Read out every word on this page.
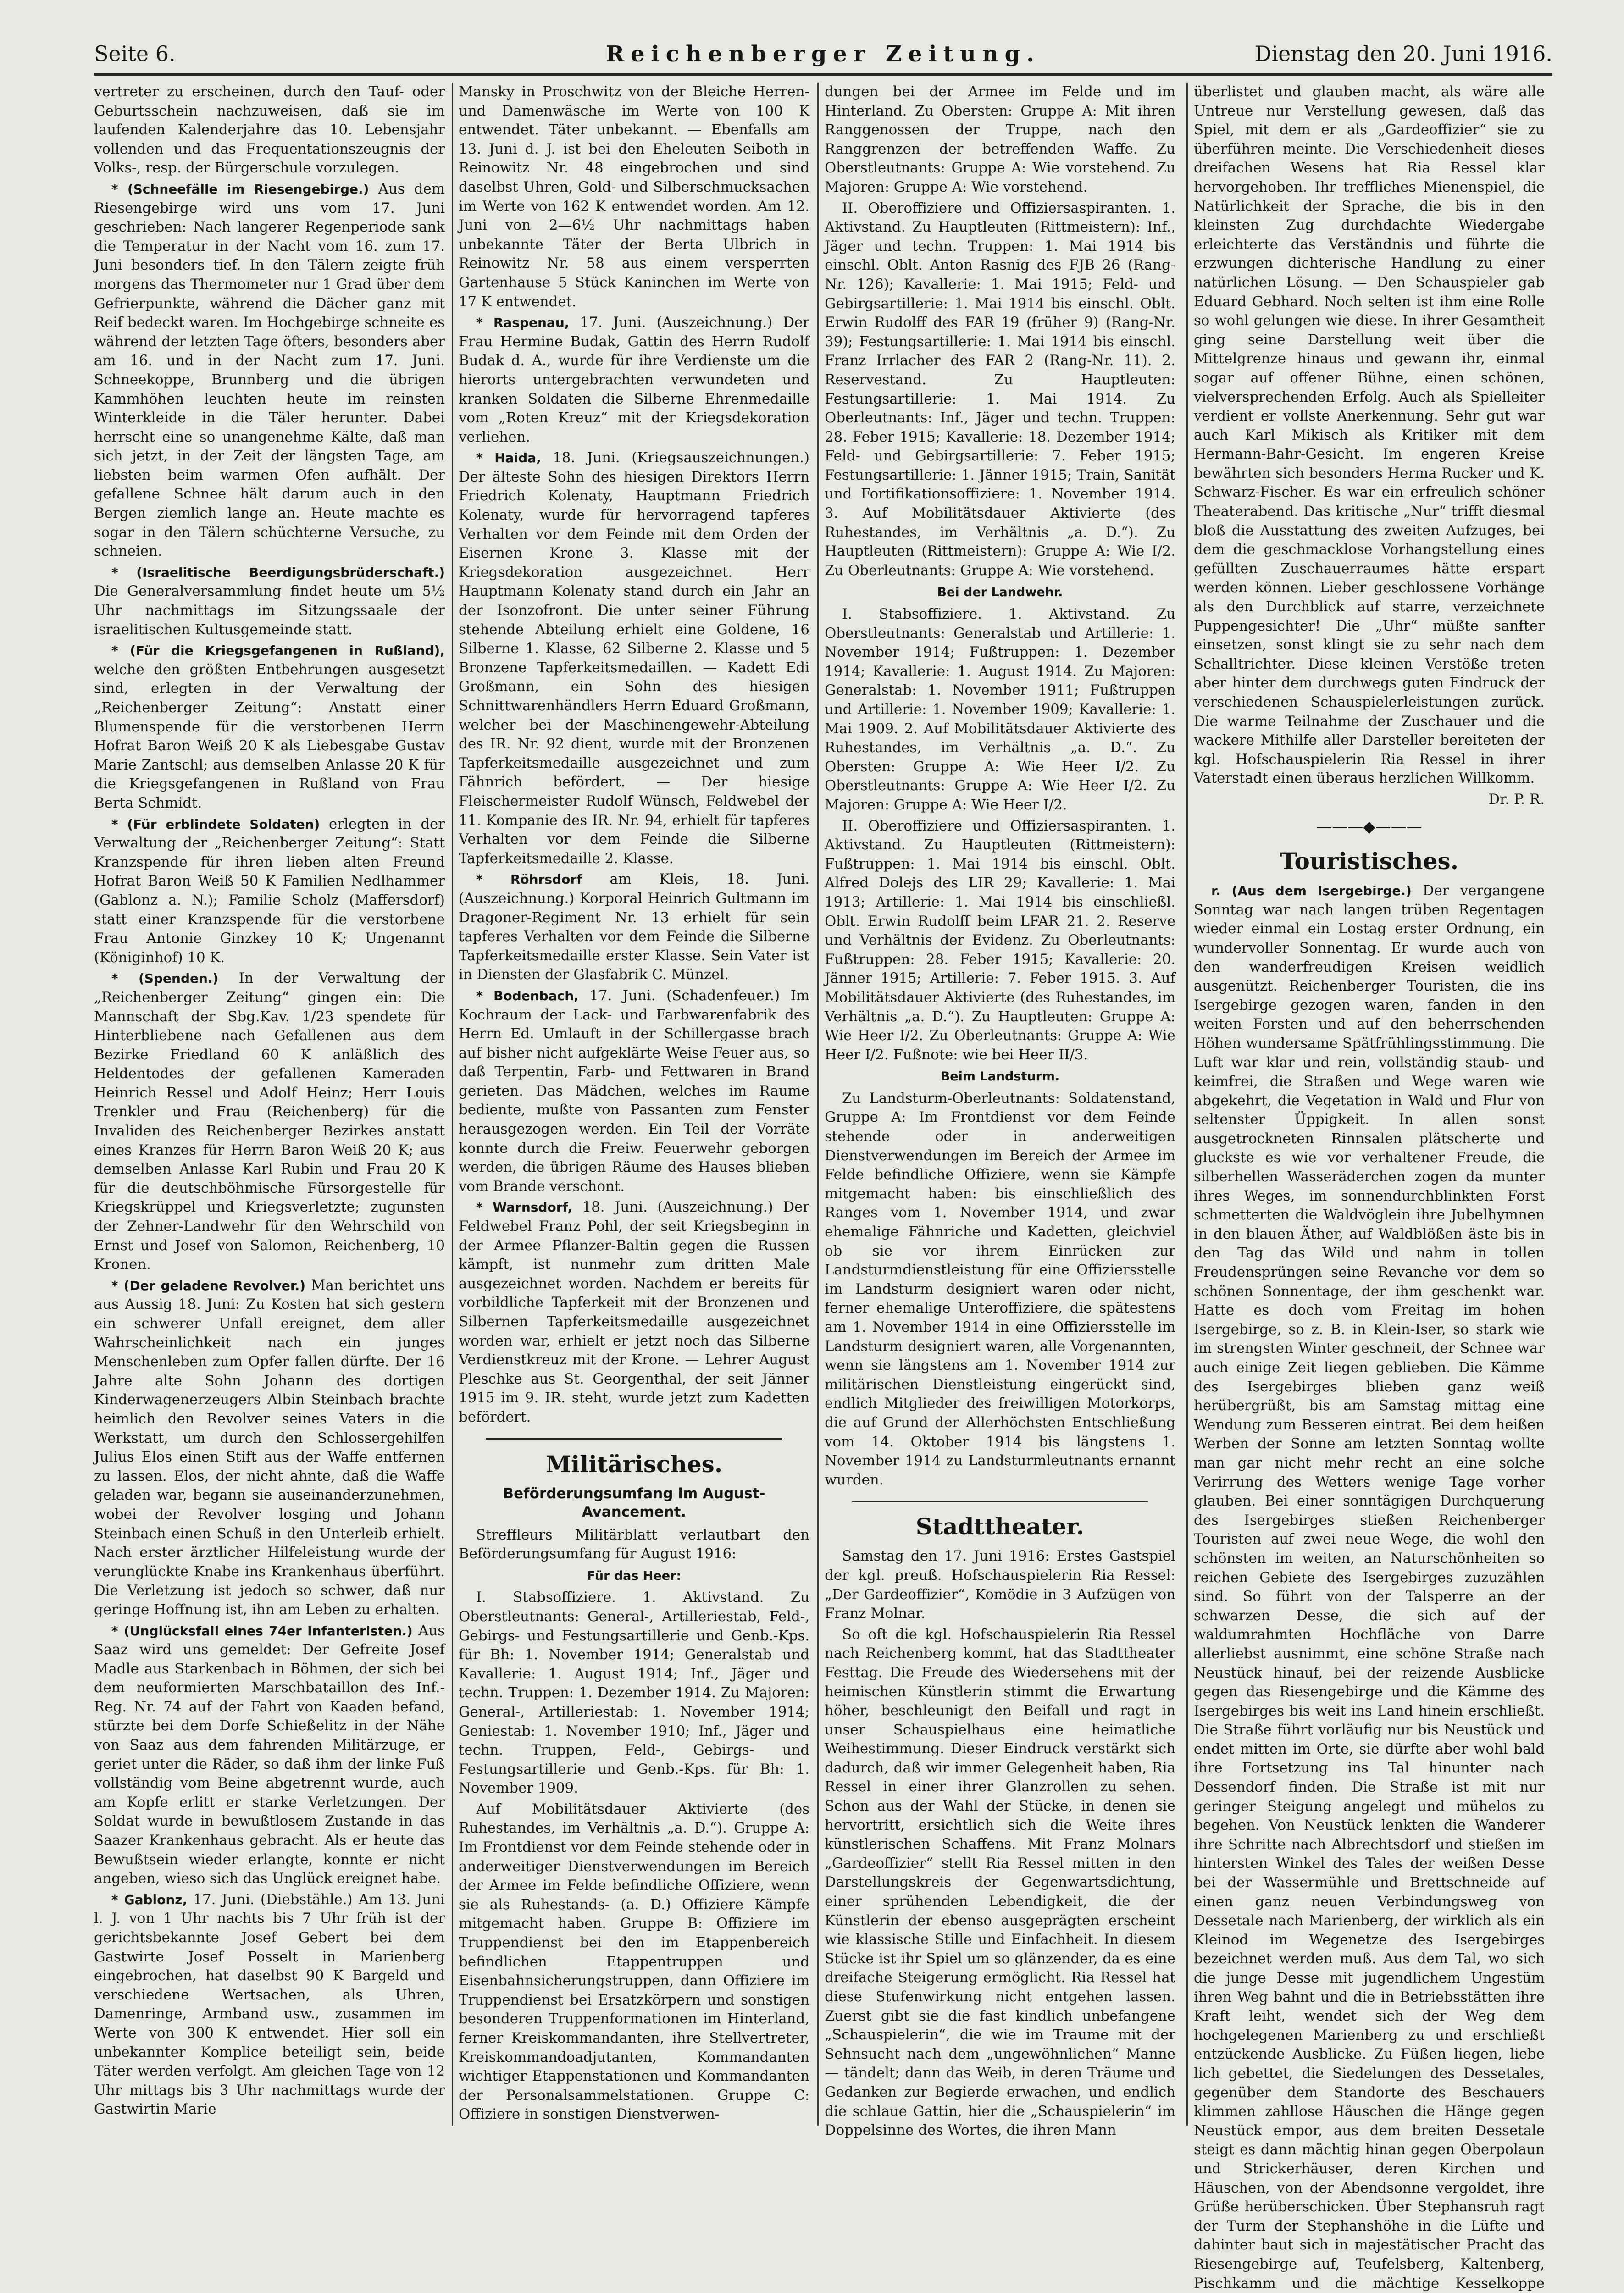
Seite 6.	Reichenberger Zeitung.	Dienstag den 20. Juni 1916.

vertreter zu erscheinen, durch den Tauf- oder Geburtsschein nachzuweisen, daß sie im laufenden Kalenderjahre das 10. Lebensjahr vollenden und das Frequentationszeugnis der Volks-, resp. der Bürgerschule vorzulegen.

* (Schneefälle im Riesengebirge.) Aus dem Riesengebirge wird uns vom 17. Juni geschrieben: Nach langerer Regenperiode sank die Temperatur in der Nacht vom 16. zum 17. Juni besonders tief. In den Tälern zeigte früh morgens das Thermometer nur 1 Grad über dem Gefrierpunkte, während die Dächer ganz mit Reif bedeckt waren. Im Hochgebirge schneite es während der letzten Tage öfters, besonders aber am 16. und in der Nacht zum 17. Juni. Schneekoppe, Brunnberg und die übrigen Kammhöhen leuchten heute im reinsten Winterkleide in die Täler herunter. Dabei herrscht eine so unangenehme Kälte, daß man sich jetzt, in der Zeit der längsten Tage, am liebsten beim warmen Ofen aufhält. Der gefallene Schnee hält darum auch in den Bergen ziemlich lange an. Heute machte es sogar in den Tälern schüchterne Versuche, zu schneien.

* (Israelitische Beerdigungsbrüderschaft.) Die Generalversammlung findet heute um 5½ Uhr nachmittags im Sitzungssaale der israelitischen Kultusgemeinde statt.

* (Für die Kriegsgefangenen in Rußland), welche den größten Entbehrungen ausgesetzt sind, erlegten in der Verwaltung der „Reichenberger Zeitung“: Anstatt einer Blumenspende für die verstorbenen Herrn Hofrat Baron Weiß 20 K als Liebesgabe Gustav Marie Zantschl; aus demselben Anlasse 20 K für die Kriegsgefangenen in Rußland von Frau Berta Schmidt.

* (Für erblindete Soldaten) erlegten in der Verwaltung der „Reichenberger Zeitung“: Statt Kranzspende für ihren lieben alten Freund Hofrat Baron Weiß 50 K Familien Nedlhammer (Gablonz a. N.); Familie Scholz (Maffersdorf) statt einer Kranzspende für die verstorbene Frau Antonie Ginzkey 10 K; Ungenannt (Königinhof) 10 K.

* (Spenden.) In der Verwaltung der „Reichenberger Zeitung“ gingen ein: Die Mannschaft der Sbg.Kav. 1/23 spendete für Hinterbliebene nach Gefallenen aus dem Bezirke Friedland 60 K anläßlich des Heldentodes der gefallenen Kameraden Heinrich Ressel und Adolf Heinz; Herr Louis Trenkler und Frau (Reichenberg) für die Invaliden des Reichenberger Bezirkes anstatt eines Kranzes für Herrn Baron Weiß 20 K; aus demselben Anlasse Karl Rubin und Frau 20 K für die deutschböhmische Fürsorgestelle für Kriegskrüppel und Kriegsverletzte; zugunsten der Zehner-Landwehr für den Wehrschild von Ernst und Josef von Salomon, Reichenberg, 10 Kronen.

* (Der geladene Revolver.) Man berichtet uns aus Aussig 18. Juni: Zu Kosten hat sich gestern ein schwerer Unfall ereignet, dem aller Wahrscheinlichkeit nach ein junges Menschenleben zum Opfer fallen dürfte. Der 16 Jahre alte Sohn Johann des dortigen Kinderwagenerzeugers Albin Steinbach brachte heimlich den Revolver seines Vaters in die Werkstatt, um durch den Schlossergehilfen Julius Elos einen Stift aus der Waffe entfernen zu lassen. Elos, der nicht ahnte, daß die Waffe geladen war, begann sie auseinanderzunehmen, wobei der Revolver losging und Johann Steinbach einen Schuß in den Unterleib erhielt. Nach erster ärztlicher Hilfeleistung wurde der verunglückte Knabe ins Krankenhaus überführt. Die Verletzung ist jedoch so schwer, daß nur geringe Hoffnung ist, ihn am Leben zu erhalten.

* (Unglücksfall eines 74er Infanteristen.) Aus Saaz wird uns gemeldet: Der Gefreite Josef Madle aus Starkenbach in Böhmen, der sich bei dem neuformierten Marschbataillon des Inf.-Reg. Nr. 74 auf der Fahrt von Kaaden befand, stürzte bei dem Dorfe Schießelitz in der Nähe von Saaz aus dem fahrenden Militärzuge, er geriet unter die Räder, so daß ihm der linke Fuß vollständig vom Beine abgetrennt wurde, auch am Kopfe erlitt er starke Verletzungen. Der Soldat wurde in bewußtlosem Zustande in das Saazer Krankenhaus gebracht. Als er heute das Bewußtsein wieder erlangte, konnte er nicht angeben, wieso sich das Unglück ereignet habe.

* Gablonz, 17. Juni. (Diebstähle.) Am 13. Juni l. J. von 1 Uhr nachts bis 7 Uhr früh ist der gerichtsbekannte Josef Gebert bei dem Gastwirte Josef Posselt in Marienberg eingebrochen, hat daselbst 90 K Bargeld und verschiedene Wertsachen, als Uhren, Damenringe, Armband usw., zusammen im Werte von 300 K entwendet. Hier soll ein unbekannter Komplice beteiligt sein, beide Täter werden verfolgt. Am gleichen Tage von 12 Uhr mittags bis 3 Uhr nachmittags wurde der Gastwirtin Marie

Mansky in Proschwitz von der Bleiche Herren- und Damenwäsche im Werte von 100 K entwendet. Täter unbekannt. — Ebenfalls am 13. Juni d. J. ist bei den Eheleuten Seiboth in Reinowitz Nr. 48 eingebrochen und sind daselbst Uhren, Gold- und Silberschmucksachen im Werte von 162 K entwendet worden. Am 12. Juni von 2—6½ Uhr nachmittags haben unbekannte Täter der Berta Ulbrich in Reinowitz Nr. 58 aus einem versperrten Gartenhause 5 Stück Kaninchen im Werte von 17 K entwendet.

* Raspenau, 17. Juni. (Auszeichnung.) Der Frau Hermine Budak, Gattin des Herrn Rudolf Budak d. A., wurde für ihre Verdienste um die hierorts untergebrachten verwundeten und kranken Soldaten die Silberne Ehrenmedaille vom „Roten Kreuz“ mit der Kriegsdekoration verliehen.

* Haida, 18. Juni. (Kriegsauszeichnungen.) Der älteste Sohn des hiesigen Direktors Herrn Friedrich Kolenaty, Hauptmann Friedrich Kolenaty, wurde für hervorragend tapferes Verhalten vor dem Feinde mit dem Orden der Eisernen Krone 3. Klasse mit der Kriegsdekoration ausgezeichnet. Herr Hauptmann Kolenaty stand durch ein Jahr an der Isonzofront. Die unter seiner Führung stehende Abteilung erhielt eine Goldene, 16 Silberne 1. Klasse, 62 Silberne 2. Klasse und 5 Bronzene Tapferkeitsmedaillen. — Kadett Edi Großmann, ein Sohn des hiesigen Schnittwarenhändlers Herrn Eduard Großmann, welcher bei der Maschinengewehr-Abteilung des IR. Nr. 92 dient, wurde mit der Bronzenen Tapferkeitsmedaille ausgezeichnet und zum Fähnrich befördert. — Der hiesige Fleischermeister Rudolf Wünsch, Feldwebel der 11. Kompanie des IR. Nr. 94, erhielt für tapferes Verhalten vor dem Feinde die Silberne Tapferkeitsmedaille 2. Klasse.

* Röhrsdorf am Kleis, 18. Juni. (Auszeichnung.) Korporal Heinrich Gultmann im Dragoner-Regiment Nr. 13 erhielt für sein tapferes Verhalten vor dem Feinde die Silberne Tapferkeitsmedaille erster Klasse. Sein Vater ist in Diensten der Glasfabrik C. Münzel.

* Bodenbach, 17. Juni. (Schadenfeuer.) Im Kochraum der Lack- und Farbwarenfabrik des Herrn Ed. Umlauft in der Schillergasse brach auf bisher nicht aufgeklärte Weise Feuer aus, so daß Terpentin, Farb- und Fettwaren in Brand gerieten. Das Mädchen, welches im Raume bediente, mußte von Passanten zum Fenster herausgezogen werden. Ein Teil der Vorräte konnte durch die Freiw. Feuerwehr geborgen werden, die übrigen Räume des Hauses blieben vom Brande verschont.

* Warnsdorf, 18. Juni. (Auszeichnung.) Der Feldwebel Franz Pohl, der seit Kriegsbeginn in der Armee Pflanzer-Baltin gegen die Russen kämpft, ist nunmehr zum dritten Male ausgezeichnet worden. Nachdem er bereits für vorbildliche Tapferkeit mit der Bronzenen und Silbernen Tapferkeitsmedaille ausgezeichnet worden war, erhielt er jetzt noch das Silberne Verdienstkreuz mit der Krone. — Lehrer August Pleschke aus St. Georgenthal, der seit Jänner 1915 im 9. IR. steht, wurde jetzt zum Kadetten befördert.

Militärisches.
Beförderungsumfang im August-Avancement.

Streffleurs Militärblatt verlautbart den Beförderungsumfang für August 1916:

Für das Heer:

I. Stabsoffiziere. 1. Aktivstand. Zu Oberstleutnants: General-, Artilleriestab, Feld-, Gebirgs- und Festungsartillerie und Genb.-Kps. für Bh: 1. November 1914; Generalstab und Kavallerie: 1. August 1914; Inf., Jäger und techn. Truppen: 1. Dezember 1914. Zu Majoren: General-, Artilleriestab: 1. November 1914; Geniestab: 1. November 1910; Inf., Jäger und techn. Truppen, Feld-, Gebirgs- und Festungsartillerie und Genb.-Kps. für Bh: 1. November 1909.

Auf Mobilitätsdauer Aktivierte (des Ruhestandes, im Verhältnis „a. D.“). Gruppe A: Im Frontdienst vor dem Feinde stehende oder in anderweitiger Dienstverwendungen im Bereich der Armee im Felde befindliche Offiziere, wenn sie als Ruhestands- (a. D.) Offiziere Kämpfe mitgemacht haben. Gruppe B: Offiziere im Truppendienst bei den im Etappenbereich befindlichen Etappentruppen und Eisenbahnsicherungstruppen, dann Offiziere im Truppendienst bei Ersatzkörpern und sonstigen besonderen Truppenformationen im Hinterland, ferner Kreiskommandanten, ihre Stellvertreter, Kreiskommandoadjutanten, Kommandanten wichtiger Etappenstationen und Kommandanten der Personalsammelstationen. Gruppe C: Offiziere in sonstigen Dienstverwen-

dungen bei der Armee im Felde und im Hinterland. Zu Obersten: Gruppe A: Mit ihren Ranggenossen der Truppe, nach den Ranggrenzen der betreffenden Waffe. Zu Oberstleutnants: Gruppe A: Wie vorstehend. Zu Majoren: Gruppe A: Wie vorstehend.

II. Oberoffiziere und Offiziersaspiranten. 1. Aktivstand. Zu Hauptleuten (Rittmeistern): Inf., Jäger und techn. Truppen: 1. Mai 1914 bis einschl. Oblt. Anton Rasnig des FJB 26 (Rang-Nr. 126); Kavallerie: 1. Mai 1915; Feld- und Gebirgsartillerie: 1. Mai 1914 bis einschl. Oblt. Erwin Rudolff des FAR 19 (früher 9) (Rang-Nr. 39); Festungsartillerie: 1. Mai 1914 bis einschl. Franz Irrlacher des FAR 2 (Rang-Nr. 11). 2. Reservestand. Zu Hauptleuten: Festungsartillerie: 1. Mai 1914. Zu Oberleutnants: Inf., Jäger und techn. Truppen: 28. Feber 1915; Kavallerie: 18. Dezember 1914; Feld- und Gebirgsartillerie: 7. Feber 1915; Festungsartillerie: 1. Jänner 1915; Train, Sanität und Fortifikationsoffiziere: 1. November 1914. 3. Auf Mobilitätsdauer Aktivierte (des Ruhestandes, im Verhältnis „a. D.“). Zu Hauptleuten (Rittmeistern): Gruppe A: Wie I/2. Zu Oberleutnants: Gruppe A: Wie vorstehend.

Bei der Landwehr.

I. Stabsoffiziere. 1. Aktivstand. Zu Oberstleutnants: Generalstab und Artillerie: 1. November 1914; Fußtruppen: 1. Dezember 1914; Kavallerie: 1. August 1914. Zu Majoren: Generalstab: 1. November 1911; Fußtruppen und Artillerie: 1. November 1909; Kavallerie: 1. Mai 1909. 2. Auf Mobilitätsdauer Aktivierte des Ruhestandes, im Verhältnis „a. D.“. Zu Obersten: Gruppe A: Wie Heer I/2. Zu Oberstleutnants: Gruppe A: Wie Heer I/2. Zu Majoren: Gruppe A: Wie Heer I/2.

II. Oberoffiziere und Offiziersaspiranten. 1. Aktivstand. Zu Hauptleuten (Rittmeistern): Fußtruppen: 1. Mai 1914 bis einschl. Oblt. Alfred Dolejs des LIR 29; Kavallerie: 1. Mai 1913; Artillerie: 1. Mai 1914 bis einschließl. Oblt. Erwin Rudolff beim LFAR 21. 2. Reserve und Verhältnis der Evidenz. Zu Oberleutnants: Fußtruppen: 28. Feber 1915; Kavallerie: 20. Jänner 1915; Artillerie: 7. Feber 1915. 3. Auf Mobilitätsdauer Aktivierte (des Ruhestandes, im Verhältnis „a. D.“). Zu Hauptleuten: Gruppe A: Wie Heer I/2. Zu Oberleutnants: Gruppe A: Wie Heer I/2. Fußnote: wie bei Heer II/3.

Beim Landsturm.

Zu Landsturm-Oberleutnants: Soldatenstand, Gruppe A: Im Frontdienst vor dem Feinde stehende oder in anderweitigen Dienstverwendungen im Bereich der Armee im Felde befindliche Offiziere, wenn sie Kämpfe mitgemacht haben: bis einschließlich des Ranges vom 1. November 1914, und zwar ehemalige Fähnriche und Kadetten, gleichviel ob sie vor ihrem Einrücken zur Landsturmdienstleistung für eine Offiziersstelle im Landsturm designiert waren oder nicht, ferner ehemalige Unteroffiziere, die spätestens am 1. November 1914 in eine Offiziersstelle im Landsturm designiert waren, alle Vorgenannten, wenn sie längstens am 1. November 1914 zur militärischen Dienstleistung eingerückt sind, endlich Mitglieder des freiwilligen Motorkorps, die auf Grund der Allerhöchsten Entschließung vom 14. Oktober 1914 bis längstens 1. November 1914 zu Landsturmleutnants ernannt wurden.

Stadttheater.

Samstag den 17. Juni 1916: Erstes Gastspiel der kgl. preuß. Hofschauspielerin Ria Ressel: „Der Gardeoffizier“, Komödie in 3 Aufzügen von Franz Molnar.

So oft die kgl. Hofschauspielerin Ria Ressel nach Reichenberg kommt, hat das Stadttheater Festtag. Die Freude des Wiedersehens mit der heimischen Künstlerin stimmt die Erwartung höher, beschleunigt den Beifall und ragt in unser Schauspielhaus eine heimatliche Weihestimmung. Dieser Eindruck verstärkt sich dadurch, daß wir immer Gelegenheit haben, Ria Ressel in einer ihrer Glanzrollen zu sehen. Schon aus der Wahl der Stücke, in denen sie hervortritt, ersichtlich sich die Weite ihres künstlerischen Schaffens. Mit Franz Molnars „Gardeoffizier“ stellt Ria Ressel mitten in den Darstellungskreis der Gegenwartsdichtung, einer sprühenden Lebendigkeit, die der Künstlerin der ebenso ausgeprägten erscheint wie klassische Stille und Einfachheit. In diesem Stücke ist ihr Spiel um so glänzender, da es eine dreifache Steigerung ermöglicht. Ria Ressel hat diese Stufenwirkung nicht entgehen lassen. Zuerst gibt sie die fast kindlich unbefangene „Schauspielerin“, die wie im Traume mit der Sehnsucht nach dem „ungewöhnlichen“ Manne — tändelt; dann das Weib, in deren Träume und Gedanken zur Begierde erwachen, und endlich die schlaue Gattin, hier die „Schauspielerin“ im Doppelsinne des Wortes, die ihren Mann

überlistet und glauben macht, als wäre alle Untreue nur Verstellung gewesen, daß das Spiel, mit dem er als „Gardeoffizier“ sie zu überführen meinte. Die Verschiedenheit dieses dreifachen Wesens hat Ria Ressel klar hervorgehoben. Ihr treffliches Mienenspiel, die Natürlichkeit der Sprache, die bis in den kleinsten Zug durchdachte Wiedergabe erleichterte das Verständnis und führte die erzwungen dichterische Handlung zu einer natürlichen Lösung. — Den Schauspieler gab Eduard Gebhard. Noch selten ist ihm eine Rolle so wohl gelungen wie diese. In ihrer Gesamtheit ging seine Darstellung weit über die Mittelgrenze hinaus und gewann ihr, einmal sogar auf offener Bühne, einen schönen, vielversprechenden Erfolg. Auch als Spielleiter verdient er vollste Anerkennung. Sehr gut war auch Karl Mikisch als Kritiker mit dem Hermann-Bahr-Gesicht. Im engeren Kreise bewährten sich besonders Herma Rucker und K. Schwarz-Fischer. Es war ein erfreulich schöner Theaterabend. Das kritische „Nur“ trifft diesmal bloß die Ausstattung des zweiten Aufzuges, bei dem die geschmacklose Vorhangstellung eines gefüllten Zuschauerraumes hätte erspart werden können. Lieber geschlossene Vorhänge als den Durchblick auf starre, verzeichnete Puppengesichter! Die „Uhr“ müßte sanfter einsetzen, sonst klingt sie zu sehr nach dem Schalltrichter. Diese kleinen Verstöße treten aber hinter dem durchwegs guten Eindruck der verschiedenen Schauspielerleistungen zurück. Die warme Teilnahme der Zuschauer und die wackere Mithilfe aller Darsteller bereiteten der kgl. Hofschauspielerin Ria Ressel in ihrer Vaterstadt einen überaus herzlichen Willkomm.

Dr. P. R.

———◆———
Touristisches.

r. (Aus dem Isergebirge.) Der vergangene Sonntag war nach langen trüben Regentagen wieder einmal ein Lostag erster Ordnung, ein wundervoller Sonnentag. Er wurde auch von den wanderfreudigen Kreisen weidlich ausgenützt. Reichenberger Touristen, die ins Isergebirge gezogen waren, fanden in den weiten Forsten und auf den beherrschenden Höhen wundersame Spätfrühlingsstimmung. Die Luft war klar und rein, vollständig staub- und keimfrei, die Straßen und Wege waren wie abgekehrt, die Vegetation in Wald und Flur von seltenster Üppigkeit. In allen sonst ausgetrockneten Rinnsalen plätscherte und gluckste es wie vor verhaltener Freude, die silberhellen Wasseräderchen zogen da munter ihres Weges, im sonnendurchblinkten Forst schmetterten die Waldvöglein ihre Jubelhymnen in den blauen Äther, auf Waldblößen äste bis in den Tag das Wild und nahm in tollen Freudensprüngen seine Revanche vor dem so schönen Sonnentage, der ihm geschenkt war. Hatte es doch vom Freitag im hohen Isergebirge, so z. B. in Klein-Iser, so stark wie im strengsten Winter geschneit, der Schnee war auch einige Zeit liegen geblieben. Die Kämme des Isergebirges blieben ganz weiß herübergrüßt, bis am Samstag mittag eine Wendung zum Besseren eintrat. Bei dem heißen Werben der Sonne am letzten Sonntag wollte man gar nicht mehr recht an eine solche Verirrung des Wetters wenige Tage vorher glauben. Bei einer sonntägigen Durchquerung des Isergebirges stießen Reichenberger Touristen auf zwei neue Wege, die wohl den schönsten im weiten, an Naturschönheiten so reichen Gebiete des Isergebirges zuzuzählen sind. So führt von der Talsperre an der schwarzen Desse, die sich auf der waldumrahmten Hochfläche von Darre allerliebst ausnimmt, eine schöne Straße nach Neustück hinauf, bei der reizende Ausblicke gegen das Riesengebirge und die Kämme des Isergebirges bis weit ins Land hinein erschließt. Die Straße führt vorläufig nur bis Neustück und endet mitten im Orte, sie dürfte aber wohl bald ihre Fortsetzung ins Tal hinunter nach Dessendorf finden. Die Straße ist mit nur geringer Steigung angelegt und mühelos zu begehen. Von Neustück lenkten die Wanderer ihre Schritte nach Albrechtsdorf und stießen im hintersten Winkel des Tales der weißen Desse bei der Wassermühle und Brettschneide auf einen ganz neuen Verbindungsweg von Dessetale nach Marienberg, der wirklich als ein Kleinod im Wegenetze des Isergebirges bezeichnet werden muß. Aus dem Tal, wo sich die junge Desse mit jugendlichem Ungestüm ihren Weg bahnt und die in Betriebsstätten ihre Kraft leiht, wendet sich der Weg dem hochgelegenen Marienberg zu und erschließt entzückende Ausblicke. Zu Füßen liegen, liebe lich gebettet, die Siedelungen des Dessetales, gegenüber dem Standorte des Beschauers klimmen zahllose Häuschen die Hänge gegen Neustück empor, aus dem breiten Dessetale steigt es dann mächtig hinan gegen Oberpolaun und Strickerhäuser, deren Kirchen und Häuschen, von der Abendsonne vergoldet, ihre Grüße herüberschicken. Über Stephansruh ragt der Turm der Stephanshöhe in die Lüfte und dahinter baut sich in majestätischer Pracht das Riesengebirge auf, Teufelsberg, Kaltenberg, Pischkamm und die mächtige Kesselkoppe
